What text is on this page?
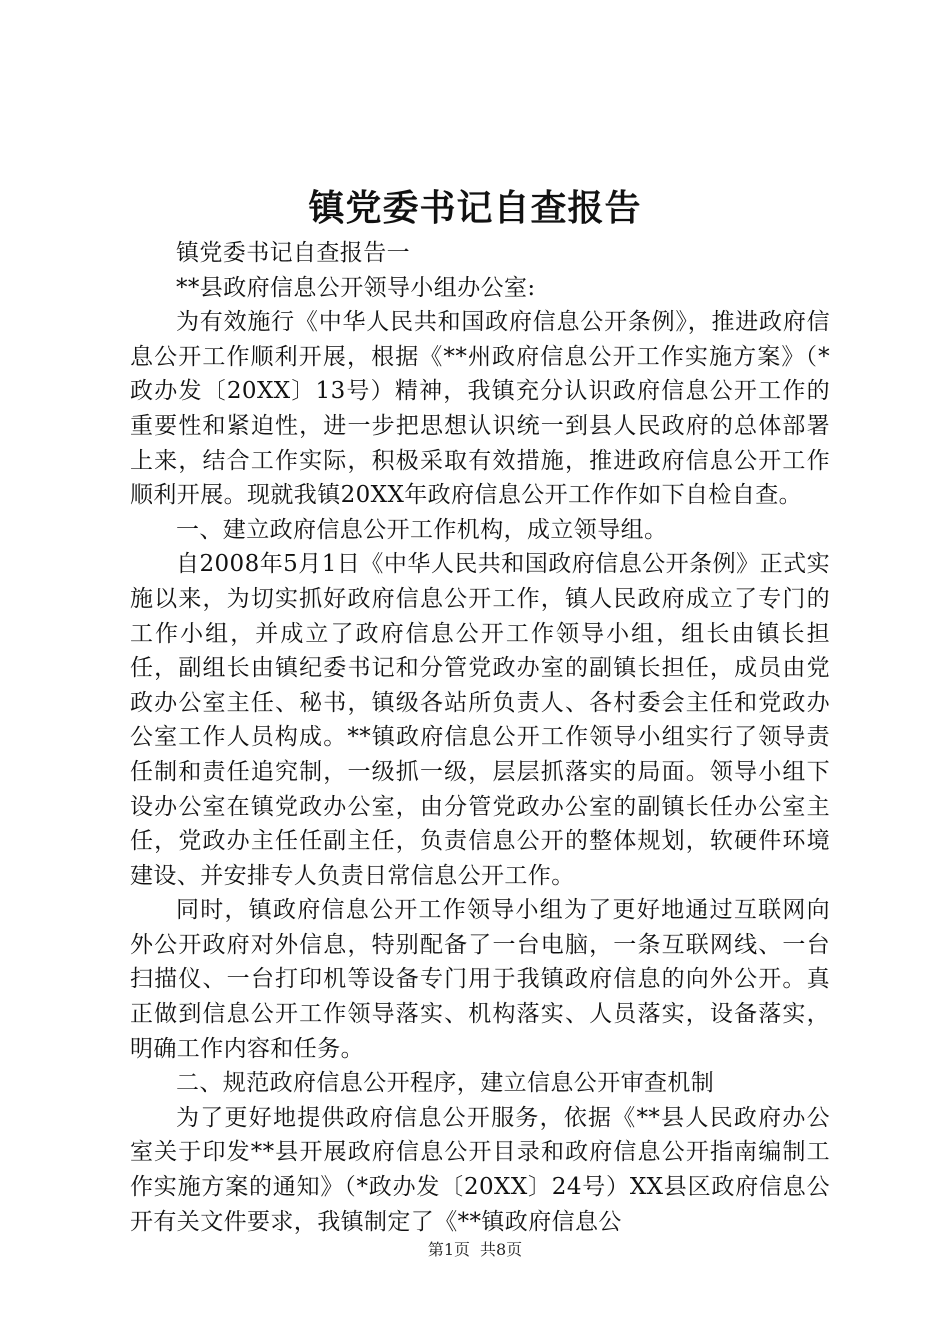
镇党委书记自查报告

镇党委书记自查报告一

**县政府信息公开领导小组办公室:

为有效施行《中华人民共和国政府信息公开条例》，推进政府信息公开工作顺利开展，根据《**州政府信息公开工作实施方案》（*政办发〔20XX〕13号）精神，我镇充分认识政府信息公开工作的重要性和紧迫性，进一步把思想认识统一到县人民政府的总体部署上来，结合工作实际，积极采取有效措施，推进政府信息公开工作顺利开展。现就我镇20XX年政府信息公开工作作如下自检自查。

一、建立政府信息公开工作机构，成立领导组。

自2008年5月1日《中华人民共和国政府信息公开条例》正式实施以来，为切实抓好政府信息公开工作，镇人民政府成立了专门的工作小组，并成立了政府信息公开工作领导小组，组长由镇长担任，副组长由镇纪委书记和分管党政办室的副镇长担任，成员由党政办公室主任、秘书，镇级各站所负责人、各村委会主任和党政办公室工作人员构成。**镇政府信息公开工作领导小组实行了领导责任制和责任追究制，一级抓一级，层层抓落实的局面。领导小组下设办公室在镇党政办公室，由分管党政办公室的副镇长任办公室主任，党政办主任任副主任，负责信息公开的整体规划，软硬件环境建设、并安排专人负责日常信息公开工作。

同时，镇政府信息公开工作领导小组为了更好地通过互联网向外公开政府对外信息，特别配备了一台电脑，一条互联网线、一台扫描仪、一台打印机等设备专门用于我镇政府信息的向外公开。真正做到信息公开工作领导落实、机构落实、人员落实，设备落实，明确工作内容和任务。

二、规范政府信息公开程序，建立信息公开审查机制

为了更好地提供政府信息公开服务，依据《**县人民政府办公室关于印发**县开展政府信息公开目录和政府信息公开指南编制工作实施方案的通知》（*政办发〔20XX〕24号）XX县区政府信息公开有关文件要求，我镇制定了《**镇政府信息公

第1页 共8页
